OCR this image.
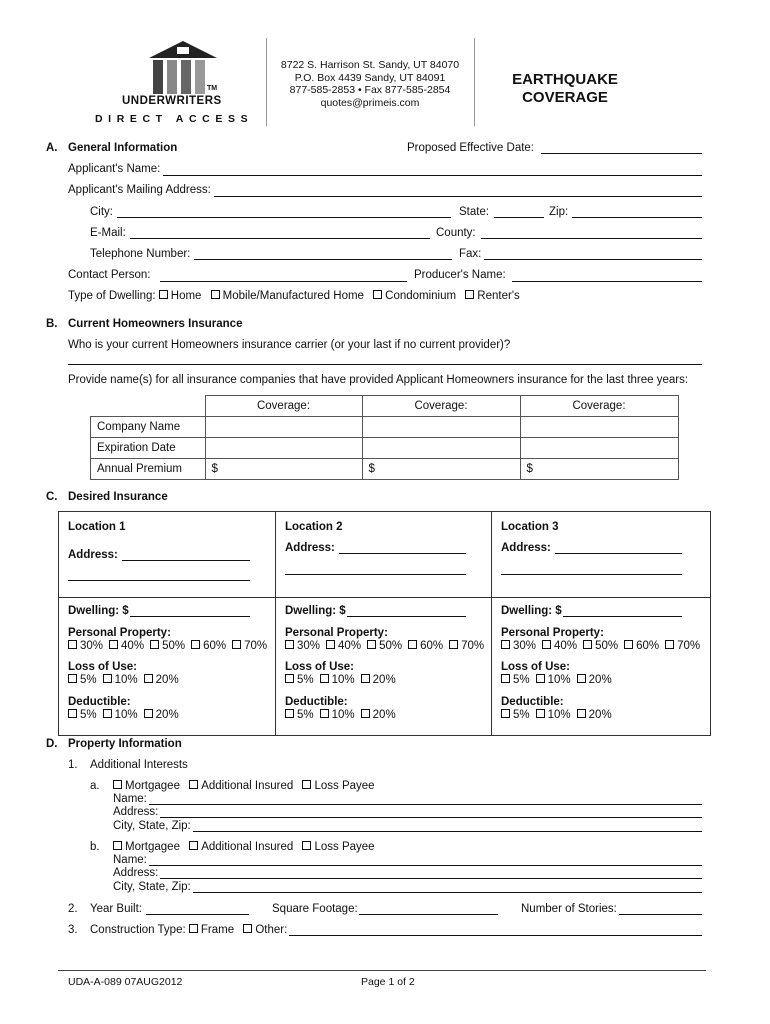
TM
UNDERWRITERS
DIRECT ACCESS
8722 S. Harrison St. Sandy, UT 84070
P.O. Box 4439 Sandy, UT 84091
877-585-2853 • Fax 877-585-2854
quotes@primeis.com
EARTHQUAKE
COVERAGE
A. General Information	Proposed Effective Date:
Applicant's Name:
Applicant's Mailing Address:
City:	State:	Zip:
E-Mail:	County:
Telephone Number:	Fax:
Contact Person:	Producer's Name:
Type of Dwelling: Home Mobile/Manufactured Home Condominium Renter's
B. Current Homeowners Insurance
Who is your current Homeowners insurance carrier (or your last if no current provider)?
Provide name(s) for all insurance companies that have provided Applicant Homeowners insurance for the last three years:
	Coverage:	Coverage:	Coverage:
Company Name			
Expiration Date			
Annual Premium	$	$	$
C. Desired Insurance
Location 1
Address:
Dwelling: $
Personal Property:
30% 40% 50% 60% 70%
Loss of Use:
5% 10% 20%
Deductible:
5% 10% 20%
Location 2
Address:
Dwelling: $
Personal Property:
30% 40% 50% 60% 70%
Loss of Use:
5% 10% 20%
Deductible:
5% 10% 20%
Location 3
Address:
Dwelling: $
Personal Property:
30% 40% 50% 60% 70%
Loss of Use:
5% 10% 20%
Deductible:
5% 10% 20%
D. Property Information
1. Additional Interests
a.	Mortgagee Additional Insured Loss Payee
Name:
Address:
City, State, Zip:
b.	Mortgagee Additional Insured Loss Payee
Name:
Address:
City, State, Zip:
2. Year Built:	Square Footage:	Number of Stories:
3. Construction Type: Frame Other:
UDA-A-089 07AUG2012	Page 1 of 2
